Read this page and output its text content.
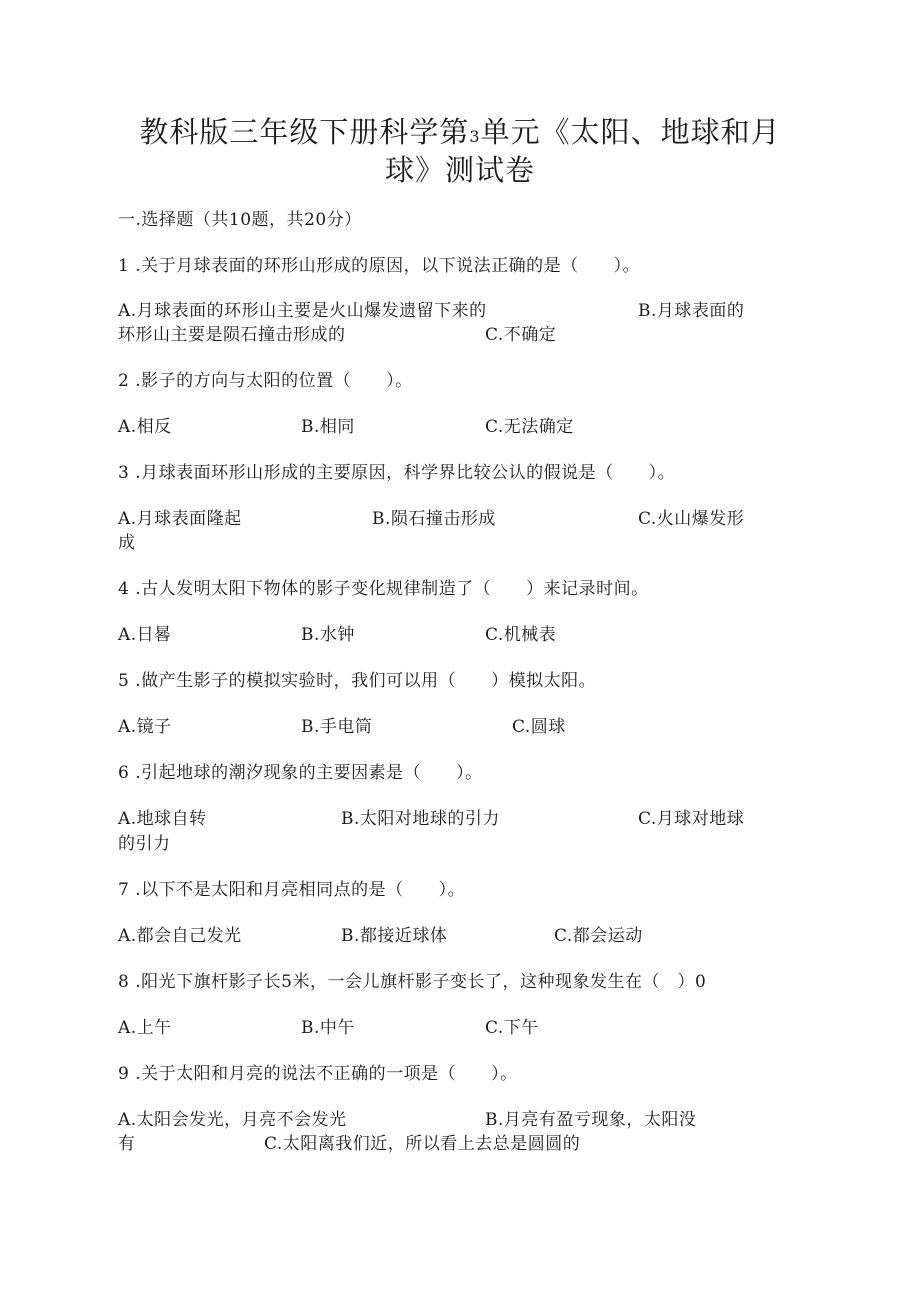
教科版三年级下册科学第3单元《太阳、地球和月
球》测试卷
一.选择题（共10题，共20分）
1 .关于月球表面的环形山形成的原因，以下说法正确的是（　　）。
A.月球表面的环形山主要是火山爆发遗留下来的	B.月球表面的
环形山主要是陨石撞击形成的	C.不确定
2 .影子的方向与太阳的位置（　　）。
A.相反	B.相同	C.无法确定
3 .月球表面环形山形成的主要原因，科学界比较公认的假说是（　　）。
A.月球表面隆起	B.陨石撞击形成	C.火山爆发形
成
4 .古人发明太阳下物体的影子变化规律制造了（　　）来记录时间。
A.日晷	B.水钟	C.机械表
5 .做产生影子的模拟实验时，我们可以用（　　）模拟太阳。
A.镜子	B.手电筒	C.圆球
6 .引起地球的潮汐现象的主要因素是（　　）。
A.地球自转	B.太阳对地球的引力	C.月球对地球
的引力
7 .以下不是太阳和月亮相同点的是（　　）。
A.都会自己发光	B.都接近球体	C.都会运动
8 .阳光下旗杆影子长5米，一会儿旗杆影子变长了，这种现象发生在（　）0
A.上午	B.中午	C.下午
9 .关于太阳和月亮的说法不正确的一项是（　　）。
A.太阳会发光，月亮不会发光	B.月亮有盈亏现象，太阳没
有	C.太阳离我们近，所以看上去总是圆圆的
